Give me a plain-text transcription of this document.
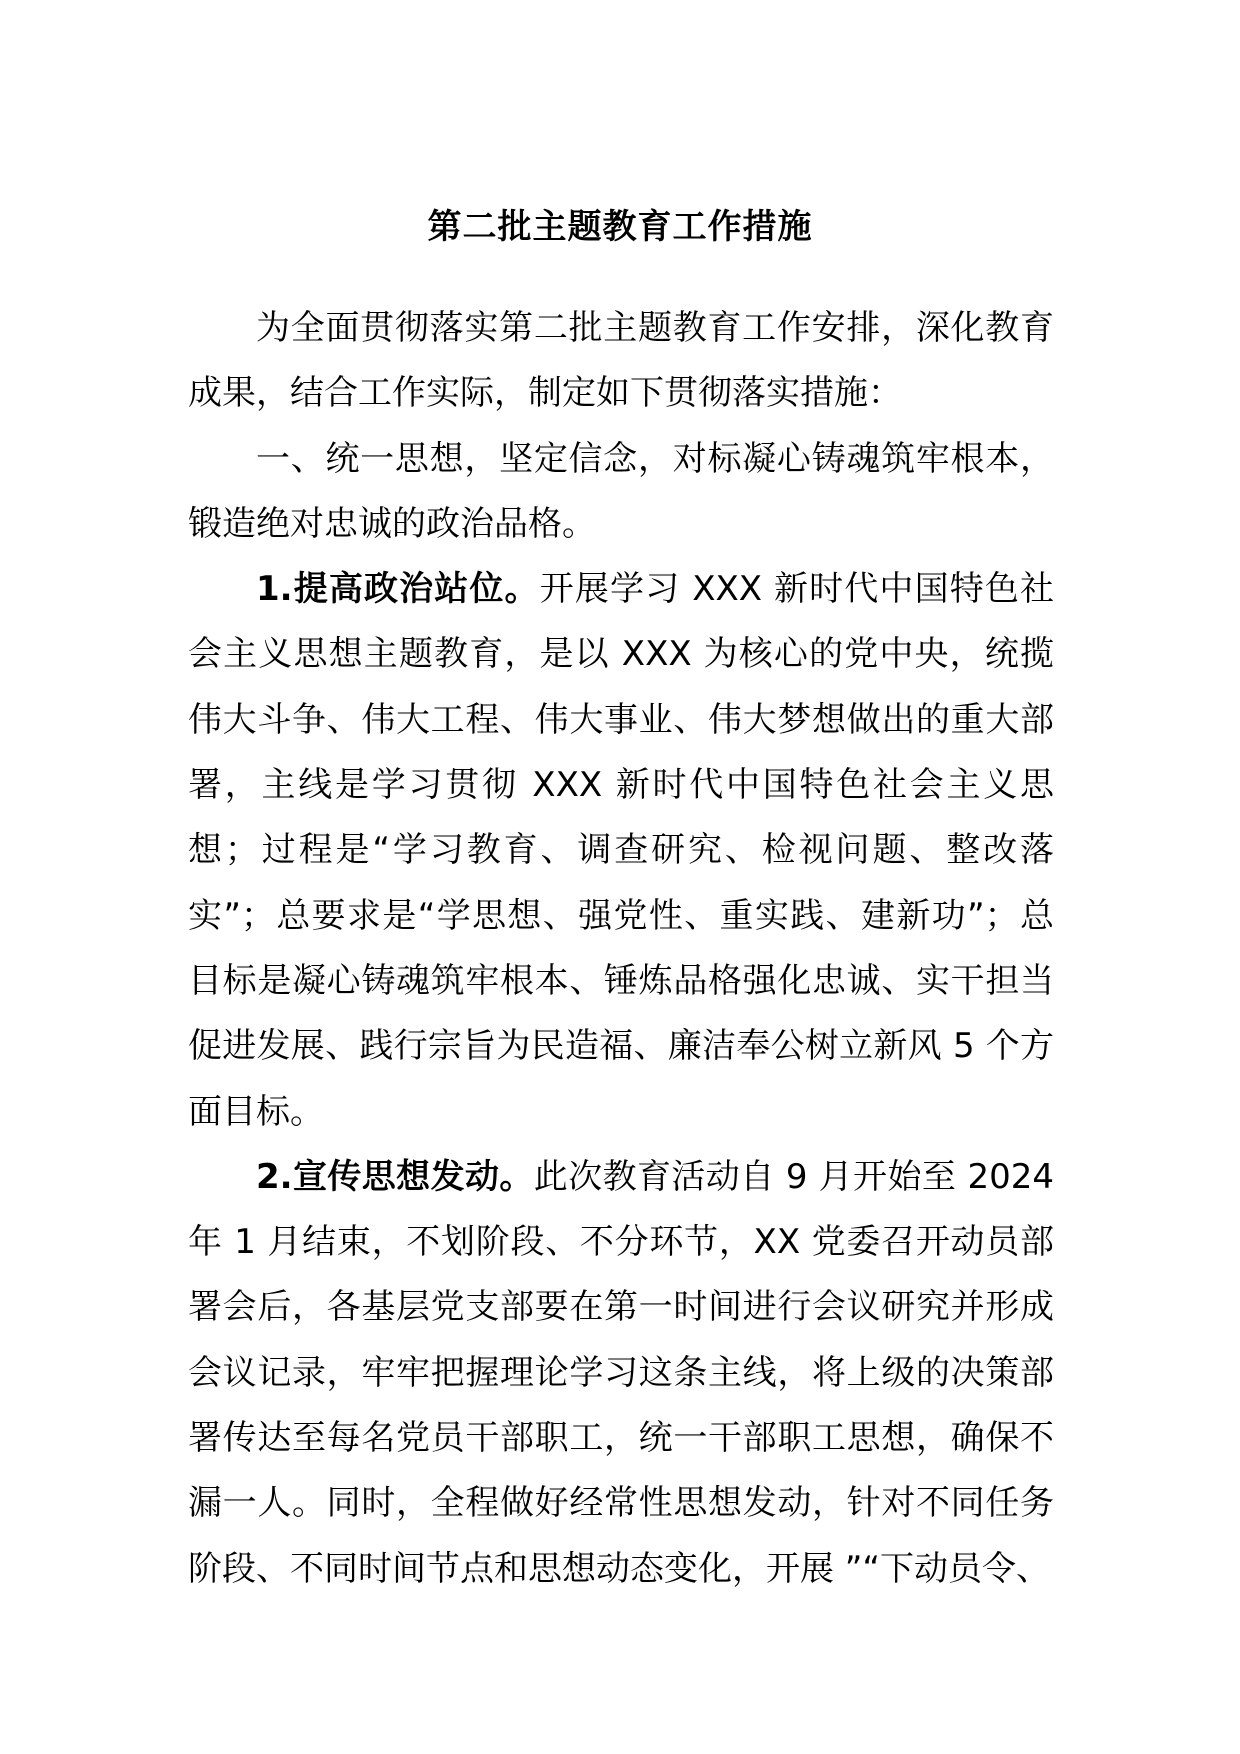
第二批主题教育工作措施

为全面贯彻落实第二批主题教育工作安排，深化教育成果，结合工作实际，制定如下贯彻落实措施：

一、统一思想，坚定信念，对标凝心铸魂筑牢根本，锻造绝对忠诚的政治品格。

1.提高政治站位。开展学习 XXX 新时代中国特色社会主义思想主题教育，是以 XXX 为核心的党中央，统揽伟大斗争、伟大工程、伟大事业、伟大梦想做出的重大部署，主线是学习贯彻 XXX 新时代中国特色社会主义思想；过程是“学习教育、调查研究、检视问题、整改落实”；总要求是“学思想、强党性、重实践、建新功”；总目标是凝心铸魂筑牢根本、锤炼品格强化忠诚、实干担当促进发展、践行宗旨为民造福、廉洁奉公树立新风 5 个方面目标。

2.宣传思想发动。此次教育活动自 9 月开始至 2024 年 1 月结束，不划阶段、不分环节，XX 党委召开动员部署会后，各基层党支部要在第一时间进行会议研究并形成会议记录，牢牢把握理论学习这条主线，将上级的决策部署传达至每名党员干部职工，统一干部职工思想，确保不漏一人。同时，全程做好经常性思想发动，针对不同任务阶段、不同时间节点和思想动态变化，开展 ”“下动员令、
